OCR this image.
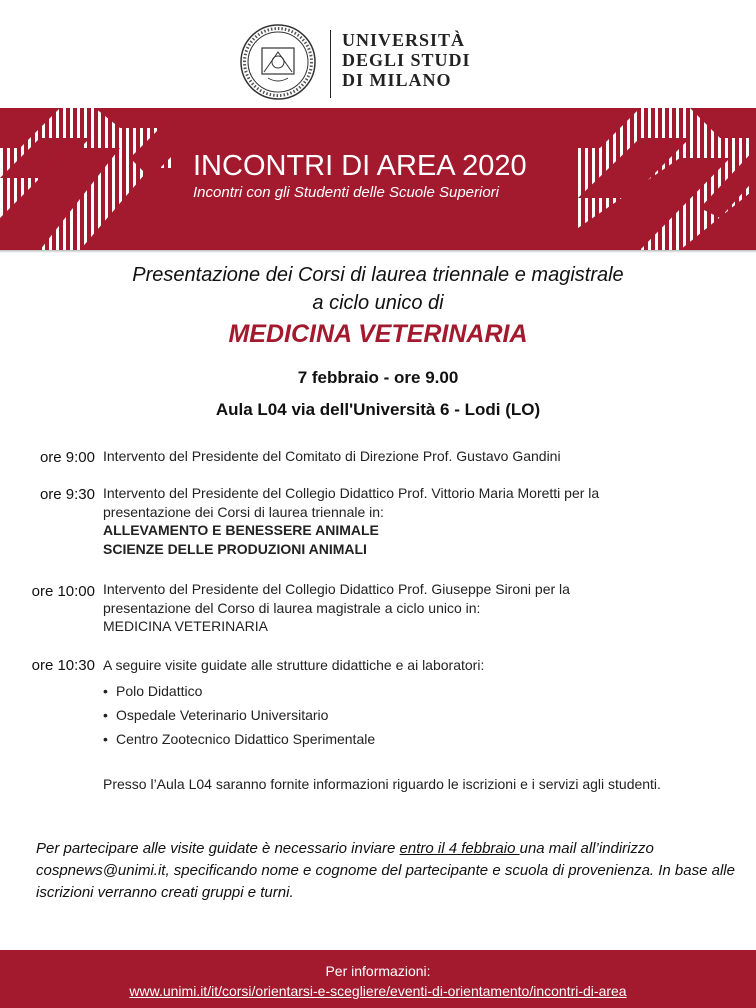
UNIVERSITÀ
DEGLI STUDI
DI MILANO
INCONTRI DI AREA 2020
Incontri con gli Studenti delle Scuole Superiori
Presentazione dei Corsi di laurea triennale e magistrale
a ciclo unico di
MEDICINA VETERINARIA
7 febbraio - ore 9.00
Aula L04 via dell'Università 6 - Lodi (LO)
ore 9:00 Intervento del Presidente del Comitato di Direzione Prof. Gustavo Gandini
ore 9:30 Intervento del Presidente del Collegio Didattico Prof. Vittorio Maria Moretti per la
presentazione dei Corsi di laurea triennale in:
ALLEVAMENTO E BENESSERE ANIMALE
SCIENZE DELLE PRODUZIONI ANIMALI
ore 10:00 Intervento del Presidente del Collegio Didattico Prof. Giuseppe Sironi per la
presentazione del Corso di laurea magistrale a ciclo unico in:
MEDICINA VETERINARIA
ore 10:30 A seguire visite guidate alle strutture didattiche e ai laboratori:
• Polo Didattico
• Ospedale Veterinario Universitario
• Centro Zootecnico Didattico Sperimentale
Presso l’Aula L04 saranno fornite informazioni riguardo le iscrizioni e i servizi agli studenti.
Per partecipare alle visite guidate è necessario inviare entro il 4 febbraio una mail all’indirizzo cospnews@unimi.it, specificando nome e cognome del partecipante e scuola di provenienza. In base alle iscrizioni verranno creati gruppi e turni.
Per informazioni:
www.unimi.it/it/corsi/orientarsi-e-scegliere/eventi-di-orientamento/incontri-di-area
